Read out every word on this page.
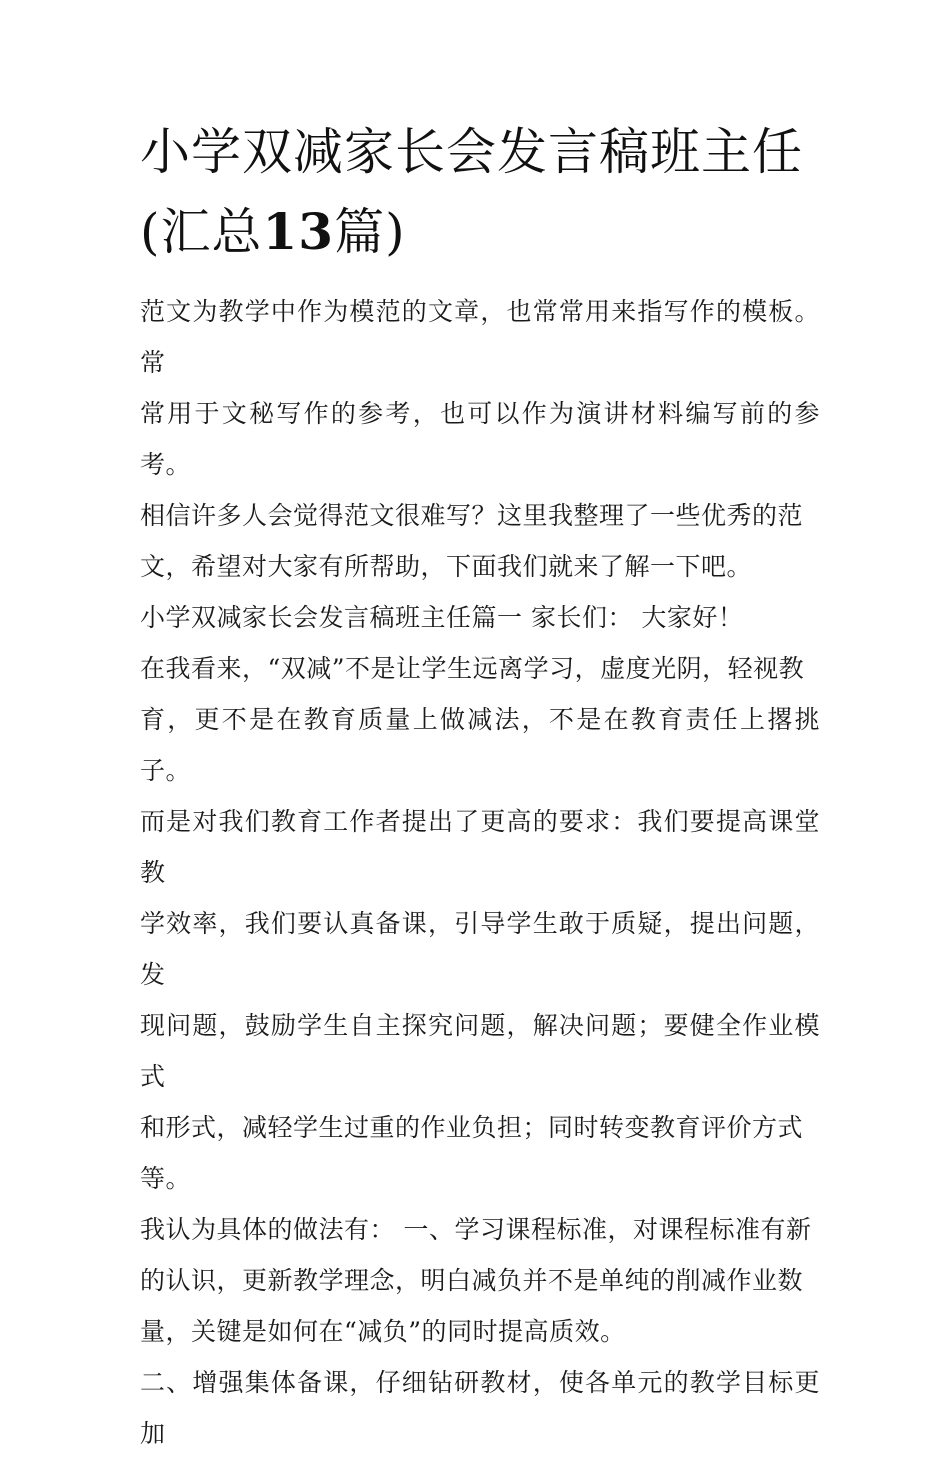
小学双减家长会发言稿班主任
(汇总13篇)

范文为教学中作为模范的文章，也常常用来指写作的模板。常
常用于文秘写作的参考，也可以作为演讲材料编写前的参考。
相信许多人会觉得范文很难写？这里我整理了一些优秀的范
文，希望对大家有所帮助，下面我们就来了解一下吧。

小学双减家长会发言稿班主任篇一 家长们： 大家好！

在我看来，“双减”不是让学生远离学习，虚度光阴，轻视教
育，更不是在教育质量上做减法，不是在教育责任上撂挑子。
而是对我们教育工作者提出了更高的要求：我们要提高课堂教
学效率，我们要认真备课，引导学生敢于质疑，提出问题，发
现问题，鼓励学生自主探究问题，解决问题；要健全作业模式
和形式，减轻学生过重的作业负担；同时转变教育评价方式
等。

我认为具体的做法有： 一、学习课程标准，对课程标准有新
的认识，更新教学理念，明白减负并不是单纯的削减作业数
量，关键是如何在“减负”的同时提高质效。

二、增强集体备课，仔细钻研教材，使各单元的教学目标更加
